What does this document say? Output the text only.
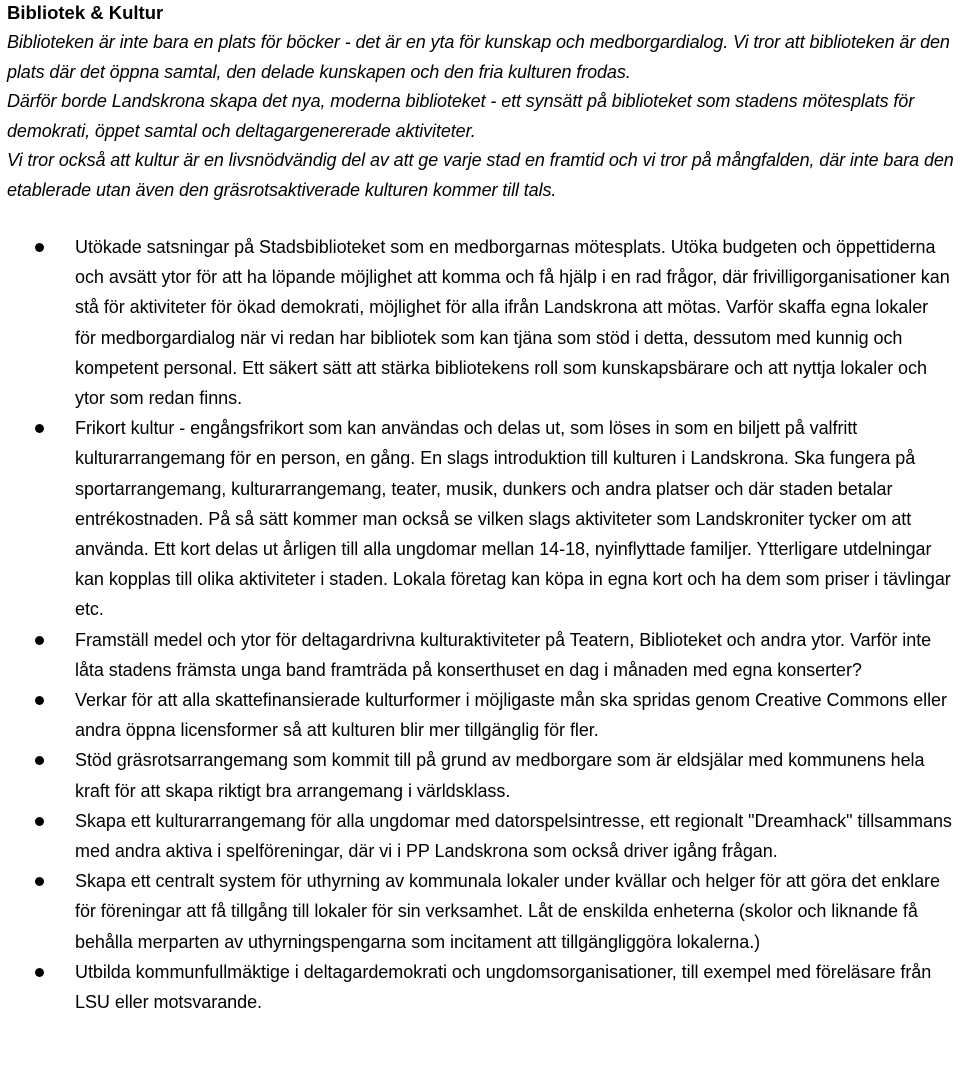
Bibliotek & Kultur

Biblioteken är inte bara en plats för böcker - det är en yta för kunskap och medborgardialog. Vi tror att biblioteken är den plats där det öppna samtal, den delade kunskapen och den fria kulturen frodas.

Därför borde Landskrona skapa det nya, moderna biblioteket - ett synsätt på biblioteket som stadens mötesplats för demokrati, öppet samtal och deltagargenererade aktiviteter.

Vi tror också att kultur är en livsnödvändig del av att ge varje stad en framtid och vi tror på mångfalden, där inte bara den etablerade utan även den gräsrotsaktiverade kulturen kommer till tals.

Utökade satsningar på Stadsbiblioteket som en medborgarnas mötesplats. Utöka budgeten och öppettiderna och avsätt ytor för att ha löpande möjlighet att komma och få hjälp i en rad frågor, där frivilligorganisationer kan stå för aktiviteter för ökad demokrati, möjlighet för alla ifrån Landskrona att mötas. Varför skaffa egna lokaler för medborgardialog när vi redan har bibliotek som kan tjäna som stöd i detta, dessutom med kunnig och kompetent personal. Ett säkert sätt att stärka bibliotekens roll som kunskapsbärare och att nyttja lokaler och ytor som redan finns.
Frikort kultur - engångsfrikort som kan användas och delas ut, som löses in som en biljett på valfritt kulturarrangemang för en person, en gång. En slags introduktion till kulturen i Landskrona. Ska fungera på sportarrangemang, kulturarrangemang, teater, musik, dunkers och andra platser och där staden betalar entrékostnaden. På så sätt kommer man också se vilken slags aktiviteter som Landskroniter tycker om att använda. Ett kort delas ut årligen till alla ungdomar mellan 14-18, nyinflyttade familjer. Ytterligare utdelningar kan kopplas till olika aktiviteter i staden. Lokala företag kan köpa in egna kort och ha dem som priser i tävlingar etc.
Framställ medel och ytor för deltagardrivna kulturaktiviteter på Teatern, Biblioteket och andra ytor. Varför inte låta stadens främsta unga band framträda på konserthuset en dag i månaden med egna konserter?
Verkar för att alla skattefinansierade kulturformer i möjligaste mån ska spridas genom Creative Commons eller andra öppna licensformer så att kulturen blir mer tillgänglig för fler.
Stöd gräsrotsarrangemang som kommit till på grund av medborgare som är eldsjälar med kommunens hela kraft för att skapa riktigt bra arrangemang i världsklass.
Skapa ett kulturarrangemang för alla ungdomar med datorspelsintresse, ett regionalt "Dreamhack" tillsammans med andra aktiva i spelföreningar, där vi i PP Landskrona som också driver igång frågan.
Skapa ett centralt system för uthyrning av kommunala lokaler under kvällar och helger för att göra det enklare för föreningar att få tillgång till lokaler för sin verksamhet. Låt de enskilda enheterna (skolor och liknande få behålla merparten av uthyrningspengarna som incitament att tillgängliggöra lokalerna.)
Utbilda kommunfullmäktige i deltagardemokrati och ungdomsorganisationer, till exempel med föreläsare från LSU eller motsvarande.
